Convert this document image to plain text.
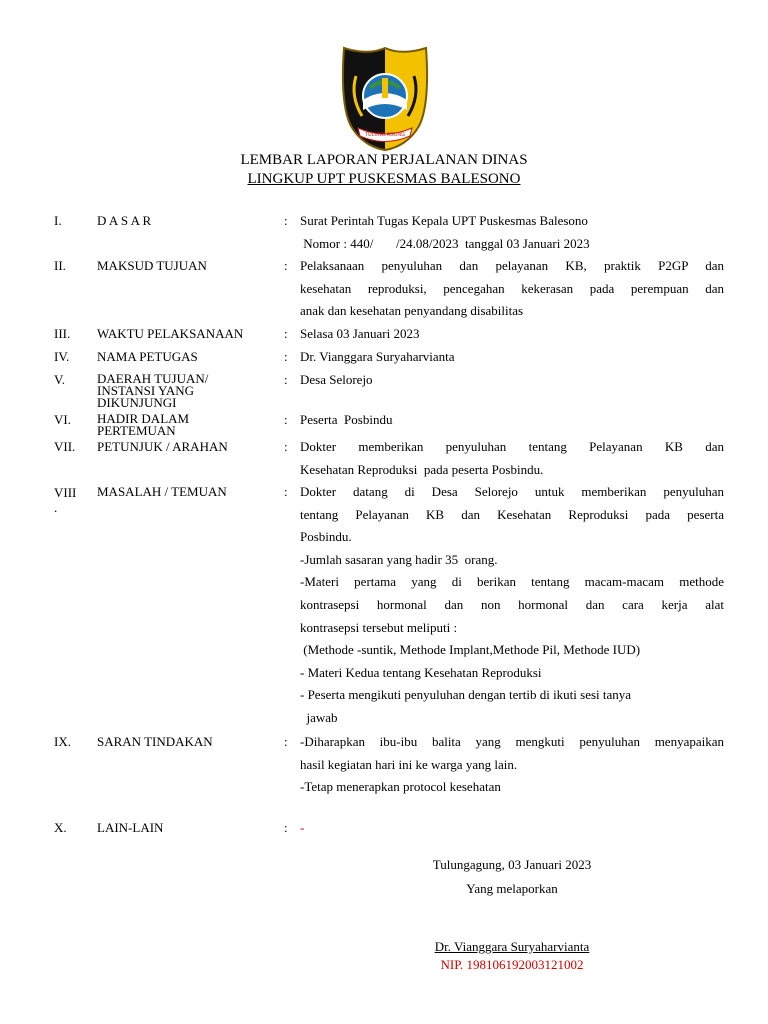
TULUNG AGUNG
LEMBAR LAPORAN PERJALANAN DINAS
LINGKUP UPT PUSKESMAS BALESONO
I.	D A S A R	: Surat Perintah Tugas Kepala UPT Puskesmas Balesono
Nomor : 440/       /24.08/2023  tanggal 03 Januari 2023
II. MAKSUD TUJUAN	: Pelaksanaan penyuluhan dan pelayanan KB, praktik P2GP dan
kesehatan reproduksi, pencegahan kekerasan pada perempuan dan
anak dan kesehatan penyandang disabilitas
III. WAKTU PELAKSANAAN	: Selasa 03 Januari 2023
IV. NAMA PETUGAS	: Dr. Vianggara Suryaharvianta
V. DAERAH TUJUAN/ INSTANSI YANG DIKUNJUNGI
: Desa Selorejo
VI. HADIR DALAM PERTEMUAN
: Peserta  Posbindu
VII. PETUNJUK / ARAHAN	: Dokter memberikan penyuluhan tentang Pelayanan KB dan
Kesehatan Reproduksi  pada peserta Posbindu.
VIII .
MASALAH / TEMUAN	: Dokter datang di Desa Selorejo untuk memberikan penyuluhan
tentang Pelayanan KB dan Kesehatan Reproduksi pada peserta
Posbindu.
-Jumlah sasaran yang hadir 35  orang.
-Materi pertama yang di berikan tentang macam-macam methode
kontrasepsi hormonal dan non hormonal dan cara kerja alat
kontrasepsi tersebut meliputi :
(Methode -suntik, Methode Implant,Methode Pil, Methode IUD)
- Materi Kedua tentang Kesehatan Reproduksi
- Peserta mengikuti penyuluhan dengan tertib di ikuti sesi tanya
jawab
IX. SARAN TINDAKAN	: -Diharapkan ibu-ibu balita yang mengkuti penyuluhan menyapaikan
hasil kegiatan hari ini ke warga yang lain.
-Tetap menerapkan protocol kesehatan
X. LAIN-LAIN	: -
Tulungagung, 03 Januari 2023
Yang melaporkan
Dr. Vianggara Suryaharvianta
NIP. 198106192003121002
